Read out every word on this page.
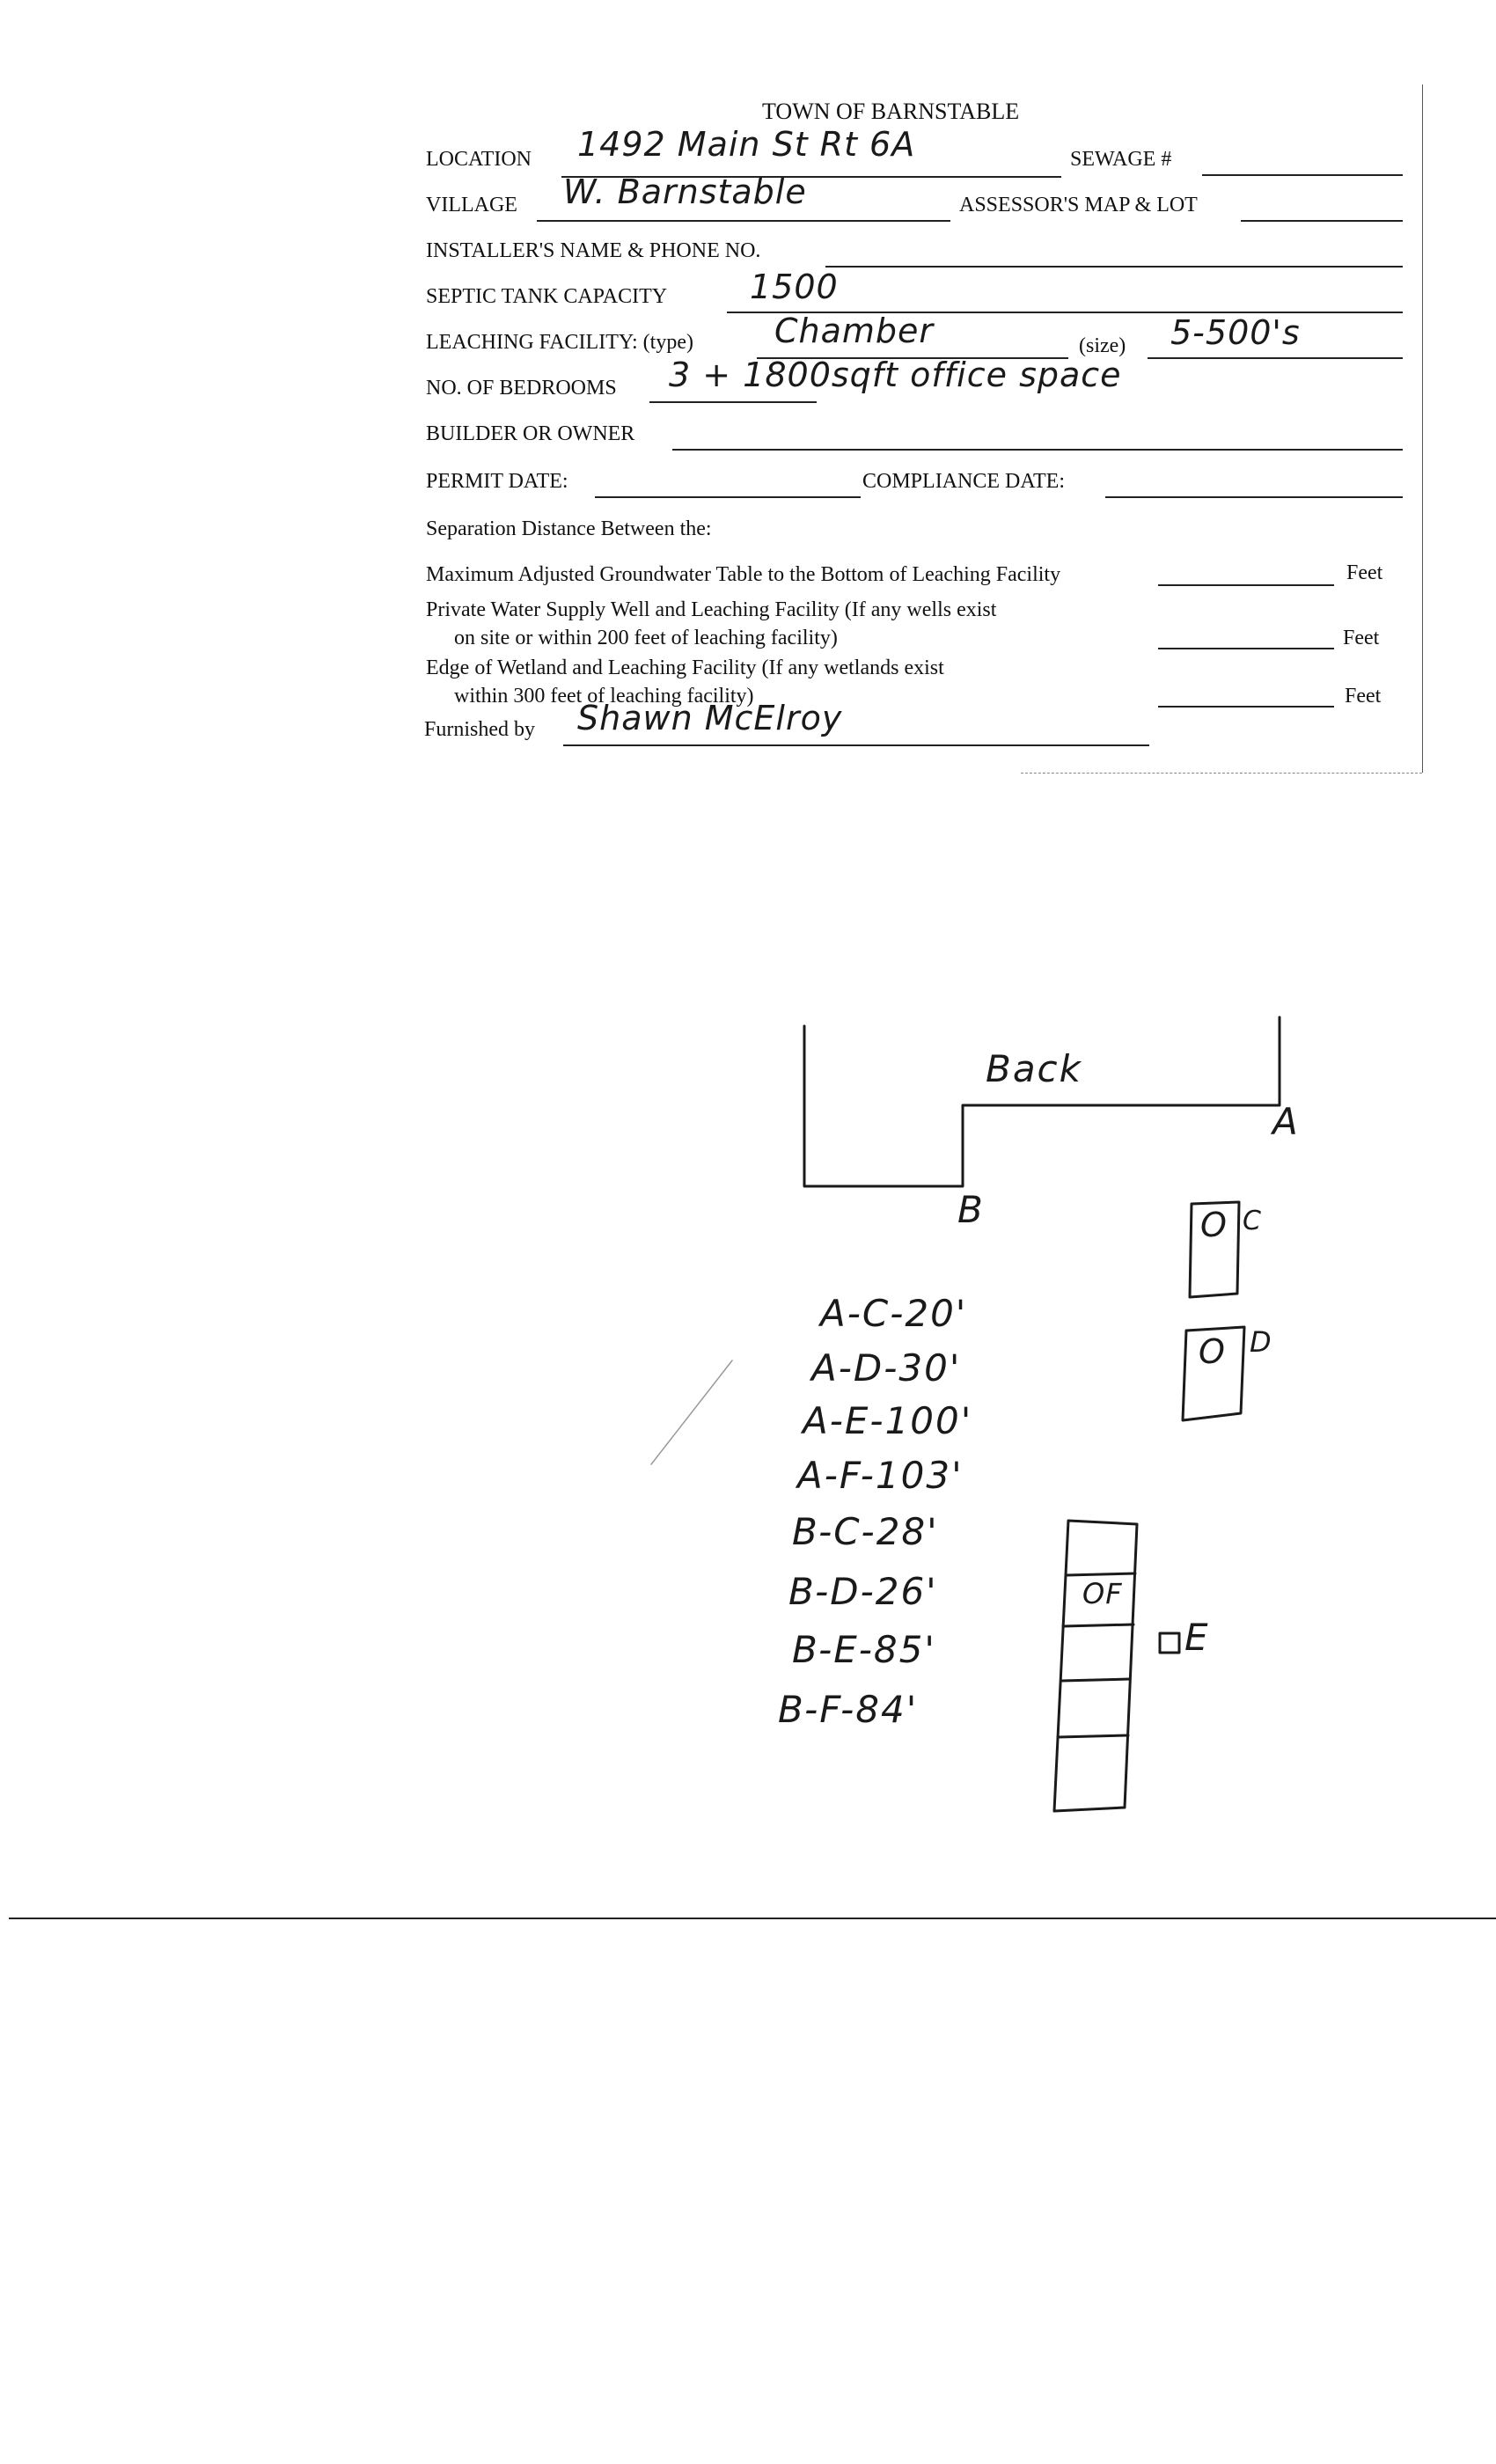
TOWN OF BARNSTABLE
LOCATION 1492 Main St Rt 6A	SEWAGE #
VILLAGE W. Barnstable	ASSESSOR'S MAP & LOT
INSTALLER'S NAME & PHONE NO.
SEPTIC TANK CAPACITY 1500
LEACHING FACILITY: (type) Chamber	(size) 5-500's
NO. OF BEDROOMS 3 + 1800sqft office space
BUILDER OR OWNER
PERMIT DATE:	COMPLIANCE DATE:
Separation Distance Between the:
Maximum Adjusted Groundwater Table to the Bottom of Leaching Facility	Feet
Private Water Supply Well and Leaching Facility (If any wells exist
on site or within 200 feet of leaching facility)	Feet
Edge of Wetland and Leaching Facility (If any wetlands exist
within 300 feet of leaching facility)	Feet
Furnished by Shawn McElroy
Back
A
B	O C
O D
OF
E
A-C-20'
A-D-30'
A-E-100'
A-F-103'
B-C-28'
B-D-26'
B-E-85'
B-F-84'
